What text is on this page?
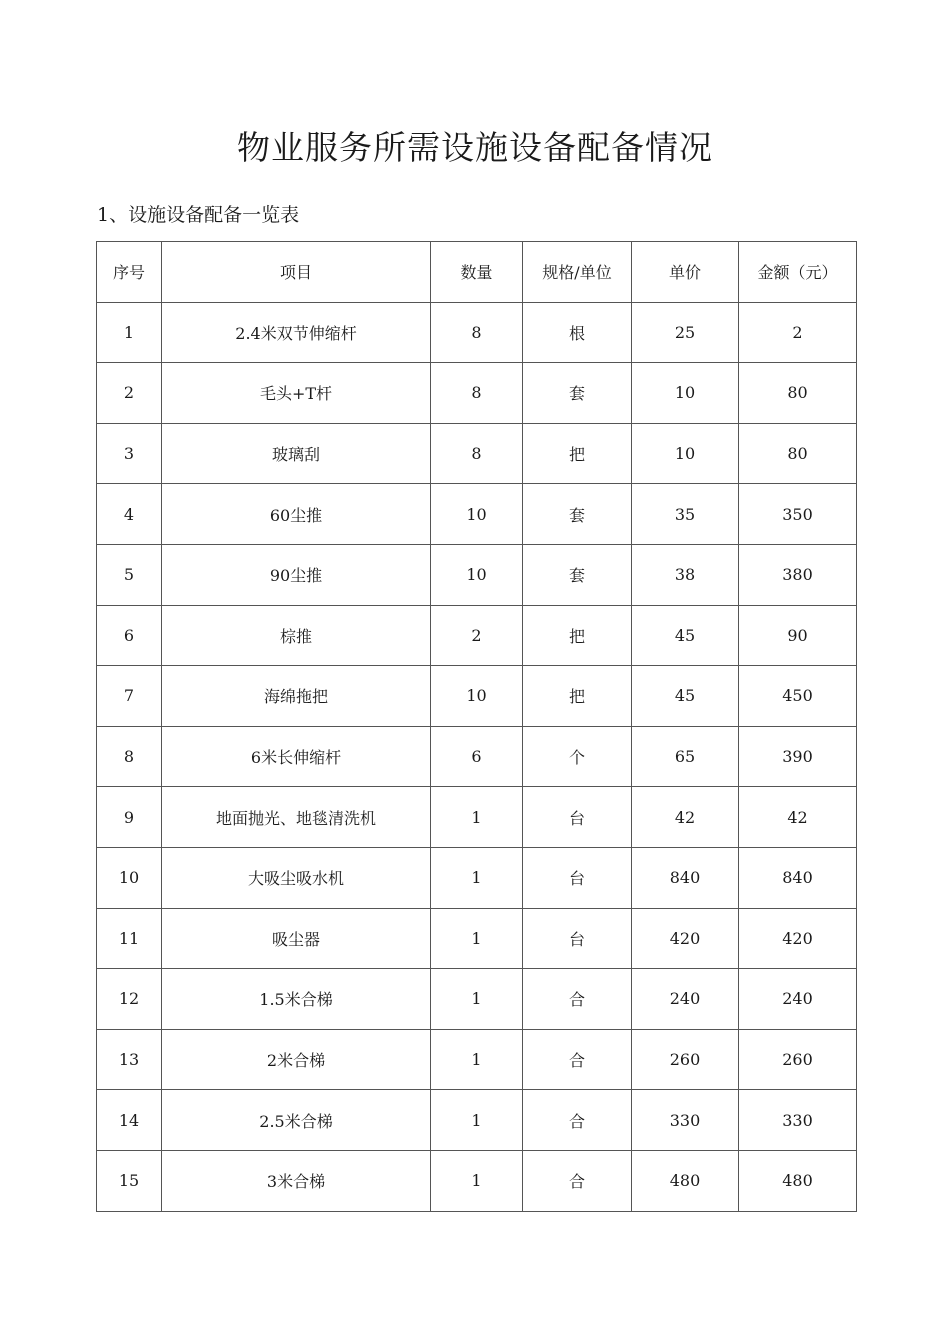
物业服务所需设施设备配备情况
1、设施设备配备一览表
序号	项目	数量	规格/单位	单价	金额（元）
1	2.4米双节伸缩杆	8	根	25	2
2	毛头+T杆	8	套	10	80
3	玻璃刮	8	把	10	80
4	60尘推	10	套	35	350
5	90尘推	10	套	38	380
6	棕推	2	把	45	90
7	海绵拖把	10	把	45	450
8	6米长伸缩杆	6	个	65	390
9	地面抛光、地毯清洗机	1	台	42	42
10	大吸尘吸水机	1	台	840	840
11	吸尘器	1	台	420	420
12	1.5米合梯	1	合	240	240
13	2米合梯	1	合	260	260
14	2.5米合梯	1	合	330	330
15	3米合梯	1	合	480	480
